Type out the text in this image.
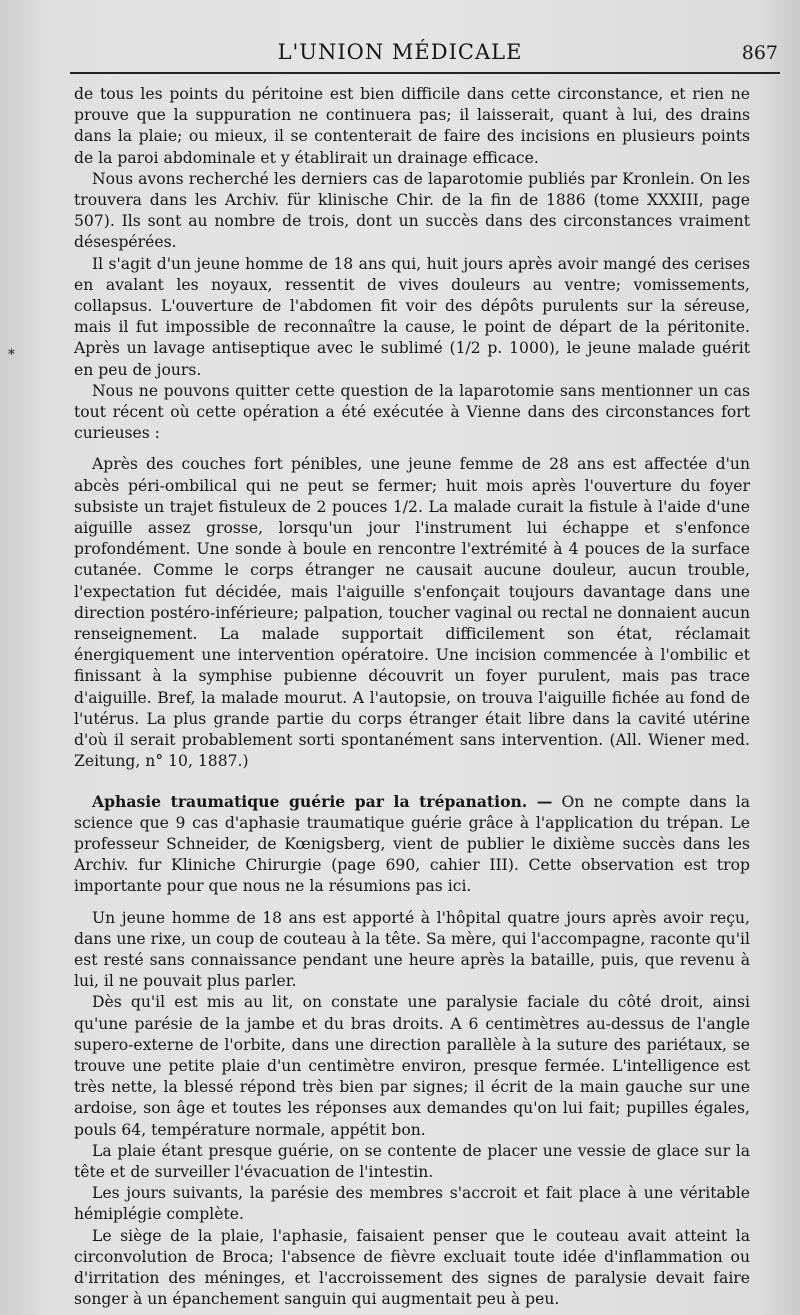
L'UNION MÉDICALE	867
*

de tous les points du péritoine est bien difficile dans cette circonstance, et rien ne prouve que la suppuration ne continuera pas; il laisserait, quant à lui, des drains dans la plaie; ou mieux, il se contenterait de faire des incisions en plusieurs points de la paroi abdominale et y établirait un drainage efficace.

Nous avons recherché les derniers cas de laparotomie publiés par Kronlein. On les trouvera dans les Archiv. für klinische Chir. de la fin de 1886 (tome XXXIII, page 507). Ils sont au nombre de trois, dont un succès dans des circonstances vraiment désespérées.

Il s'agit d'un jeune homme de 18 ans qui, huit jours après avoir mangé des cerises en avalant les noyaux, ressentit de vives douleurs au ventre; vomissements, collapsus. L'ouverture de l'abdomen fit voir des dépôts purulents sur la séreuse, mais il fut impossible de reconnaître la cause, le point de départ de la péritonite. Après un lavage antiseptique avec le sublimé (1/2 p. 1000), le jeune malade guérit en peu de jours.

Nous ne pouvons quitter cette question de la laparotomie sans mentionner un cas tout récent où cette opération a été exécutée à Vienne dans des circonstances fort curieuses :

Après des couches fort pénibles, une jeune femme de 28 ans est affectée d'un abcès péri-ombilical qui ne peut se fermer; huit mois après l'ouverture du foyer subsiste un trajet fistuleux de 2 pouces 1/2. La malade curait la fistule à l'aide d'une aiguille assez grosse, lorsqu'un jour l'instrument lui échappe et s'enfonce profondément. Une sonde à boule en rencontre l'extrémité à 4 pouces de la surface cutanée. Comme le corps étranger ne causait aucune douleur, aucun trouble, l'expectation fut décidée, mais l'aiguille s'enfonçait toujours davantage dans une direction postéro-inférieure; palpation, toucher vaginal ou rectal ne donnaient aucun renseignement. La malade supportait difficilement son état, réclamait énergiquement une intervention opératoire. Une incision commencée à l'ombilic et finissant à la symphise pubienne découvrit un foyer purulent, mais pas trace d'aiguille. Bref, la malade mourut. A l'autopsie, on trouva l'aiguille fichée au fond de l'utérus. La plus grande partie du corps étranger était libre dans la cavité utérine d'où il serait probablement sorti spontanément sans intervention. (All. Wiener med. Zeitung, n° 10, 1887.)

Aphasie traumatique guérie par la trépanation. — On ne compte dans la science que 9 cas d'aphasie traumatique guérie grâce à l'application du trépan. Le professeur Schneider, de Kœnigsberg, vient de publier le dixième succès dans les Archiv. fur Kliniche Chirurgie (page 690, cahier III). Cette observation est trop importante pour que nous ne la résumions pas ici.

Un jeune homme de 18 ans est apporté à l'hôpital quatre jours après avoir reçu, dans une rixe, un coup de couteau à la tête. Sa mère, qui l'accompagne, raconte qu'il est resté sans connaissance pendant une heure après la bataille, puis, que revenu à lui, il ne pouvait plus parler.

Dès qu'il est mis au lit, on constate une paralysie faciale du côté droit, ainsi qu'une parésie de la jambe et du bras droits. A 6 centimètres au-dessus de l'angle supero-externe de l'orbite, dans une direction parallèle à la suture des pariétaux, se trouve une petite plaie d'un centimètre environ, presque fermée. L'intelligence est très nette, la blessé répond très bien par signes; il écrit de la main gauche sur une ardoise, son âge et toutes les réponses aux demandes qu'on lui fait; pupilles égales, pouls 64, température normale, appétit bon.

La plaie étant presque guérie, on se contente de placer une vessie de glace sur la tête et de surveiller l'évacuation de l'intestin.

Les jours suivants, la parésie des membres s'accroit et fait place à une véritable hémiplégie complète.

Le siège de la plaie, l'aphasie, faisaient penser que le couteau avait atteint la circonvolution de Broca; l'absence de fièvre excluait toute idée d'inflammation ou d'irritation des méninges, et l'accroissement des signes de paralysie devait faire songer à un épanchement sanguin qui augmentait peu à peu.
